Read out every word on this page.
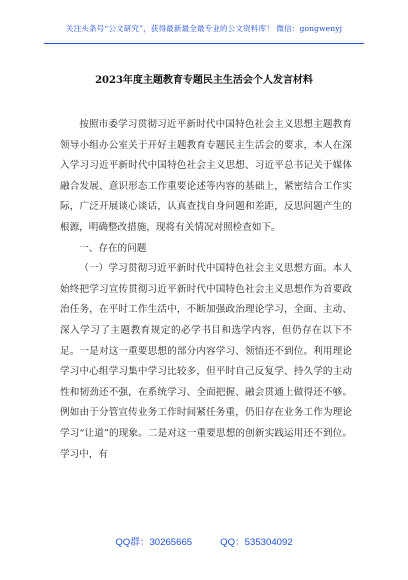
关注头条号“公文研究”，获得最新最全最专业的公文资料库！ 微信：gongwenyj
2023年度主题教育专题民主生活会个人发言材料

按照市委学习贯彻习近平新时代中国特色社会主义思想主题教育领导小组办公室关于开好主题教育专题民主生活会的要求，本人在深入学习习近平新时代中国特色社会主义思想、习近平总书记关于媒体融合发展、意识形态工作重要论述等内容的基础上，紧密结合工作实际，广泛开展谈心谈话，认真查找自身问题和差距，反思问题产生的根源，明确整改措施，现将有关情况对照检查如下。

一、存在的问题

（一）学习贯彻习近平新时代中国特色社会主义思想方面。本人始终把学习宣传贯彻习近平新时代中国特色社会主义思想作为首要政治任务，在平时工作生活中，不断加强政治理论学习，全面、主动、深入学习了主题教育规定的必学书目和选学内容，但仍存在以下不足。一是对这一重要思想的部分内容学习、领悟还不到位。利用理论学习中心组学习集中学习比较多，但平时自己反复学、持久学的主动性和韧劲还不强，在系统学习、全面把握、融会贯通上做得还不够。例如由于分管宣传业务工作时间紧任务重，仍旧存在业务工作为理论学习“让道”的现象。二是对这一重要思想的创新实践运用还不到位。学习中，有

QQ群：30265665	QQ：535304092
